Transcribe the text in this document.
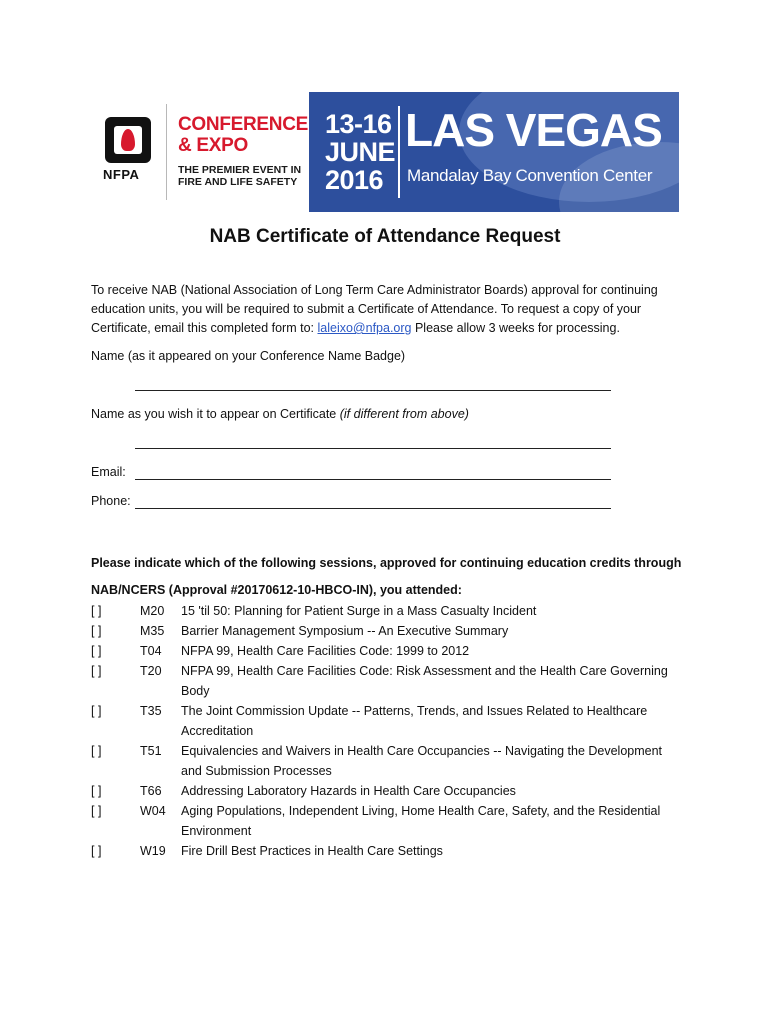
NFPA
CONFERENCE
& EXPO
THE PREMIER EVENT IN
FIRE AND LIFE SAFETY
13-16
JUNE
2016
LAS VEGAS
Mandalay Bay Convention Center
NAB Certificate of Attendance Request

To receive NAB (National Association of Long Term Care Administrator Boards) approval for continuing education units, you will be required to submit a Certificate of Attendance. To request a copy of your Certificate, email this completed form to: laleixo@nfpa.org Please allow 3 weeks for processing.

Name (as it appeared on your Conference Name Badge)
Name as you wish it to appear on Certificate (if different from above)
Email:
Phone:

Please indicate which of the following sessions, approved for continuing education credits through
NAB/NCERS (Approval #20170612-10-HBCO-IN), you attended:

[ ]	M20	15 'til 50: Planning for Patient Surge in a Mass Casualty Incident
[ ]	M35	Barrier Management Symposium -- An Executive Summary
[ ]	T04	NFPA 99, Health Care Facilities Code: 1999 to 2012
[ ]	T20	NFPA 99, Health Care Facilities Code: Risk Assessment and the Health Care Governing Body
[ ]	T35	The Joint Commission Update -- Patterns, Trends, and Issues Related to Healthcare Accreditation
[ ]	T51	Equivalencies and Waivers in Health Care Occupancies -- Navigating the Development and Submission Processes
[ ]	T66	Addressing Laboratory Hazards in Health Care Occupancies
[ ]	W04	Aging Populations, Independent Living, Home Health Care, Safety, and the Residential Environment
[ ]	W19	Fire Drill Best Practices in Health Care Settings
